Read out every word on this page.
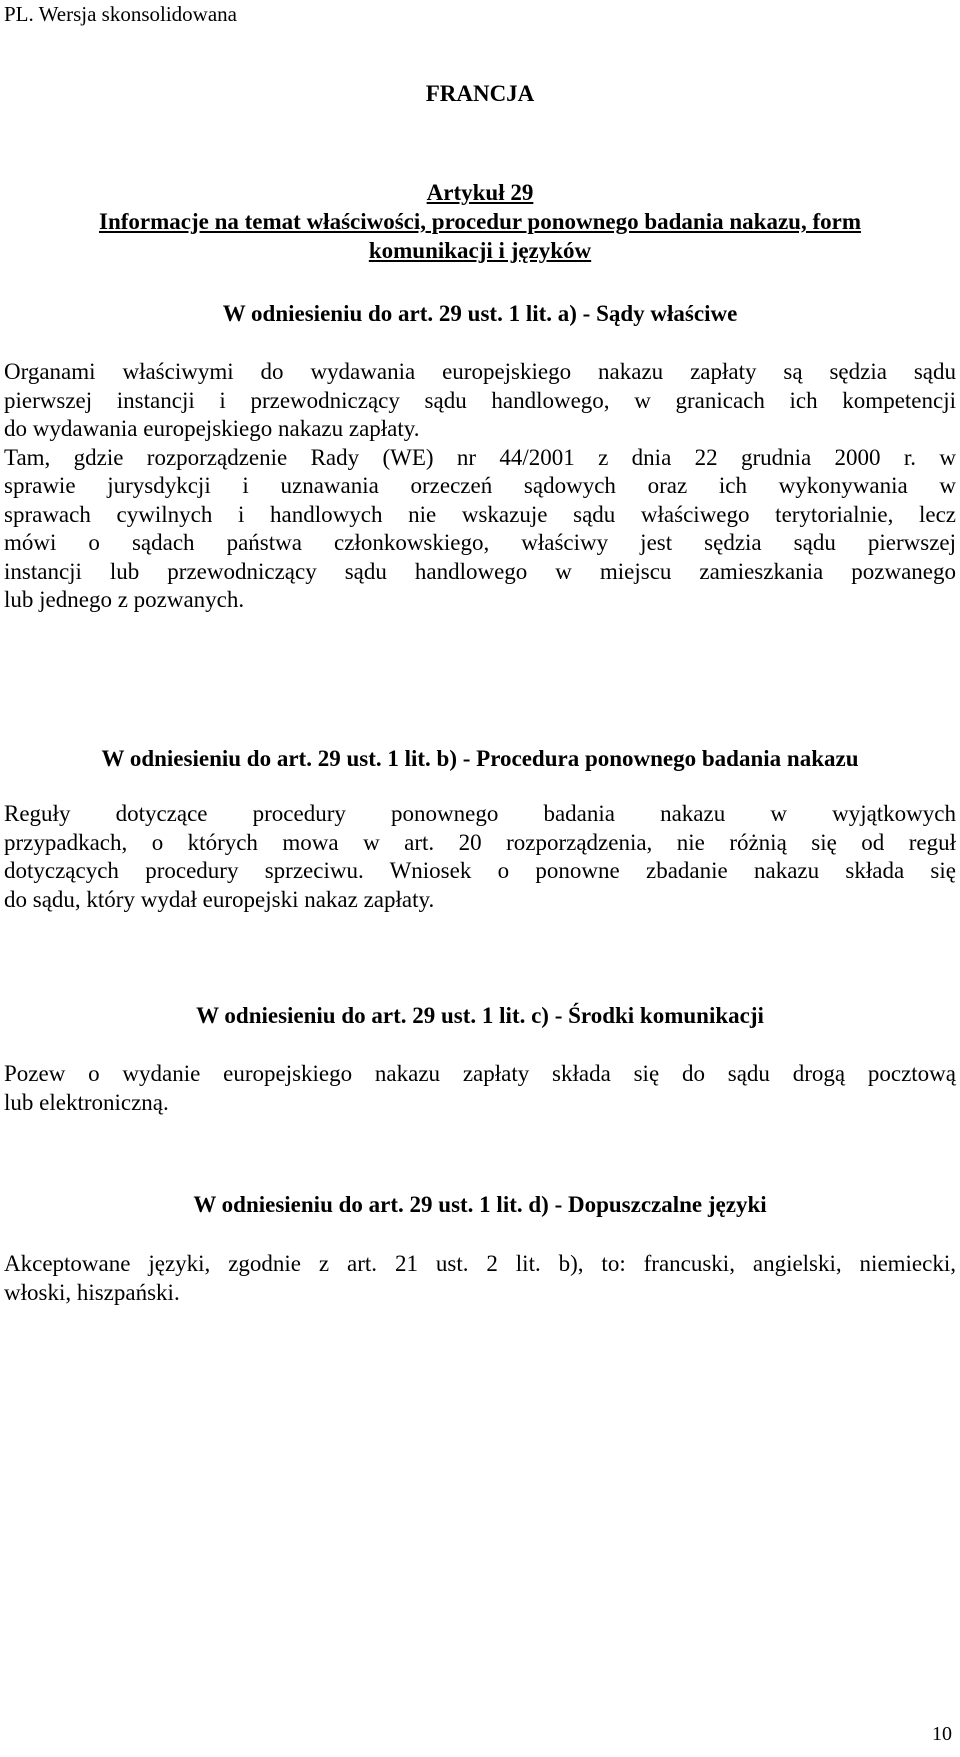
PL. Wersja skonsolidowana
FRANCJA
Artykuł 29
Informacje na temat właściwości, procedur ponownego badania nakazu, form
komunikacji i języków
W odniesieniu do art. 29 ust. 1 lit. a) - Sądy właściwe
Organami właściwymi do wydawania europejskiego nakazu zapłaty są sędzia sądu
pierwszej instancji i przewodniczący sądu handlowego, w granicach ich kompetencji
do wydawania europejskiego nakazu zapłaty.
Tam, gdzie rozporządzenie Rady (WE) nr 44/2001 z dnia 22 grudnia 2000 r. w
sprawie jurysdykcji i uznawania orzeczeń sądowych oraz ich wykonywania w
sprawach cywilnych i handlowych nie wskazuje sądu właściwego terytorialnie, lecz
mówi o sądach państwa członkowskiego, właściwy jest sędzia sądu pierwszej
instancji lub przewodniczący sądu handlowego w miejscu zamieszkania pozwanego
lub jednego z pozwanych.
W odniesieniu do art. 29 ust. 1 lit. b) - Procedura ponownego badania nakazu
Reguły dotyczące procedury ponownego badania nakazu w wyjątkowych
przypadkach, o których mowa w art. 20 rozporządzenia, nie różnią się od reguł
dotyczących procedury sprzeciwu. Wniosek o ponowne zbadanie nakazu składa się
do sądu, który wydał europejski nakaz zapłaty.
W odniesieniu do art. 29 ust. 1 lit. c) - Środki komunikacji
Pozew o wydanie europejskiego nakazu zapłaty składa się do sądu drogą pocztową
lub elektroniczną.
W odniesieniu do art. 29 ust. 1 lit. d) - Dopuszczalne języki
Akceptowane języki, zgodnie z art. 21 ust. 2 lit. b), to: francuski, angielski, niemiecki,
włoski, hiszpański.
10
